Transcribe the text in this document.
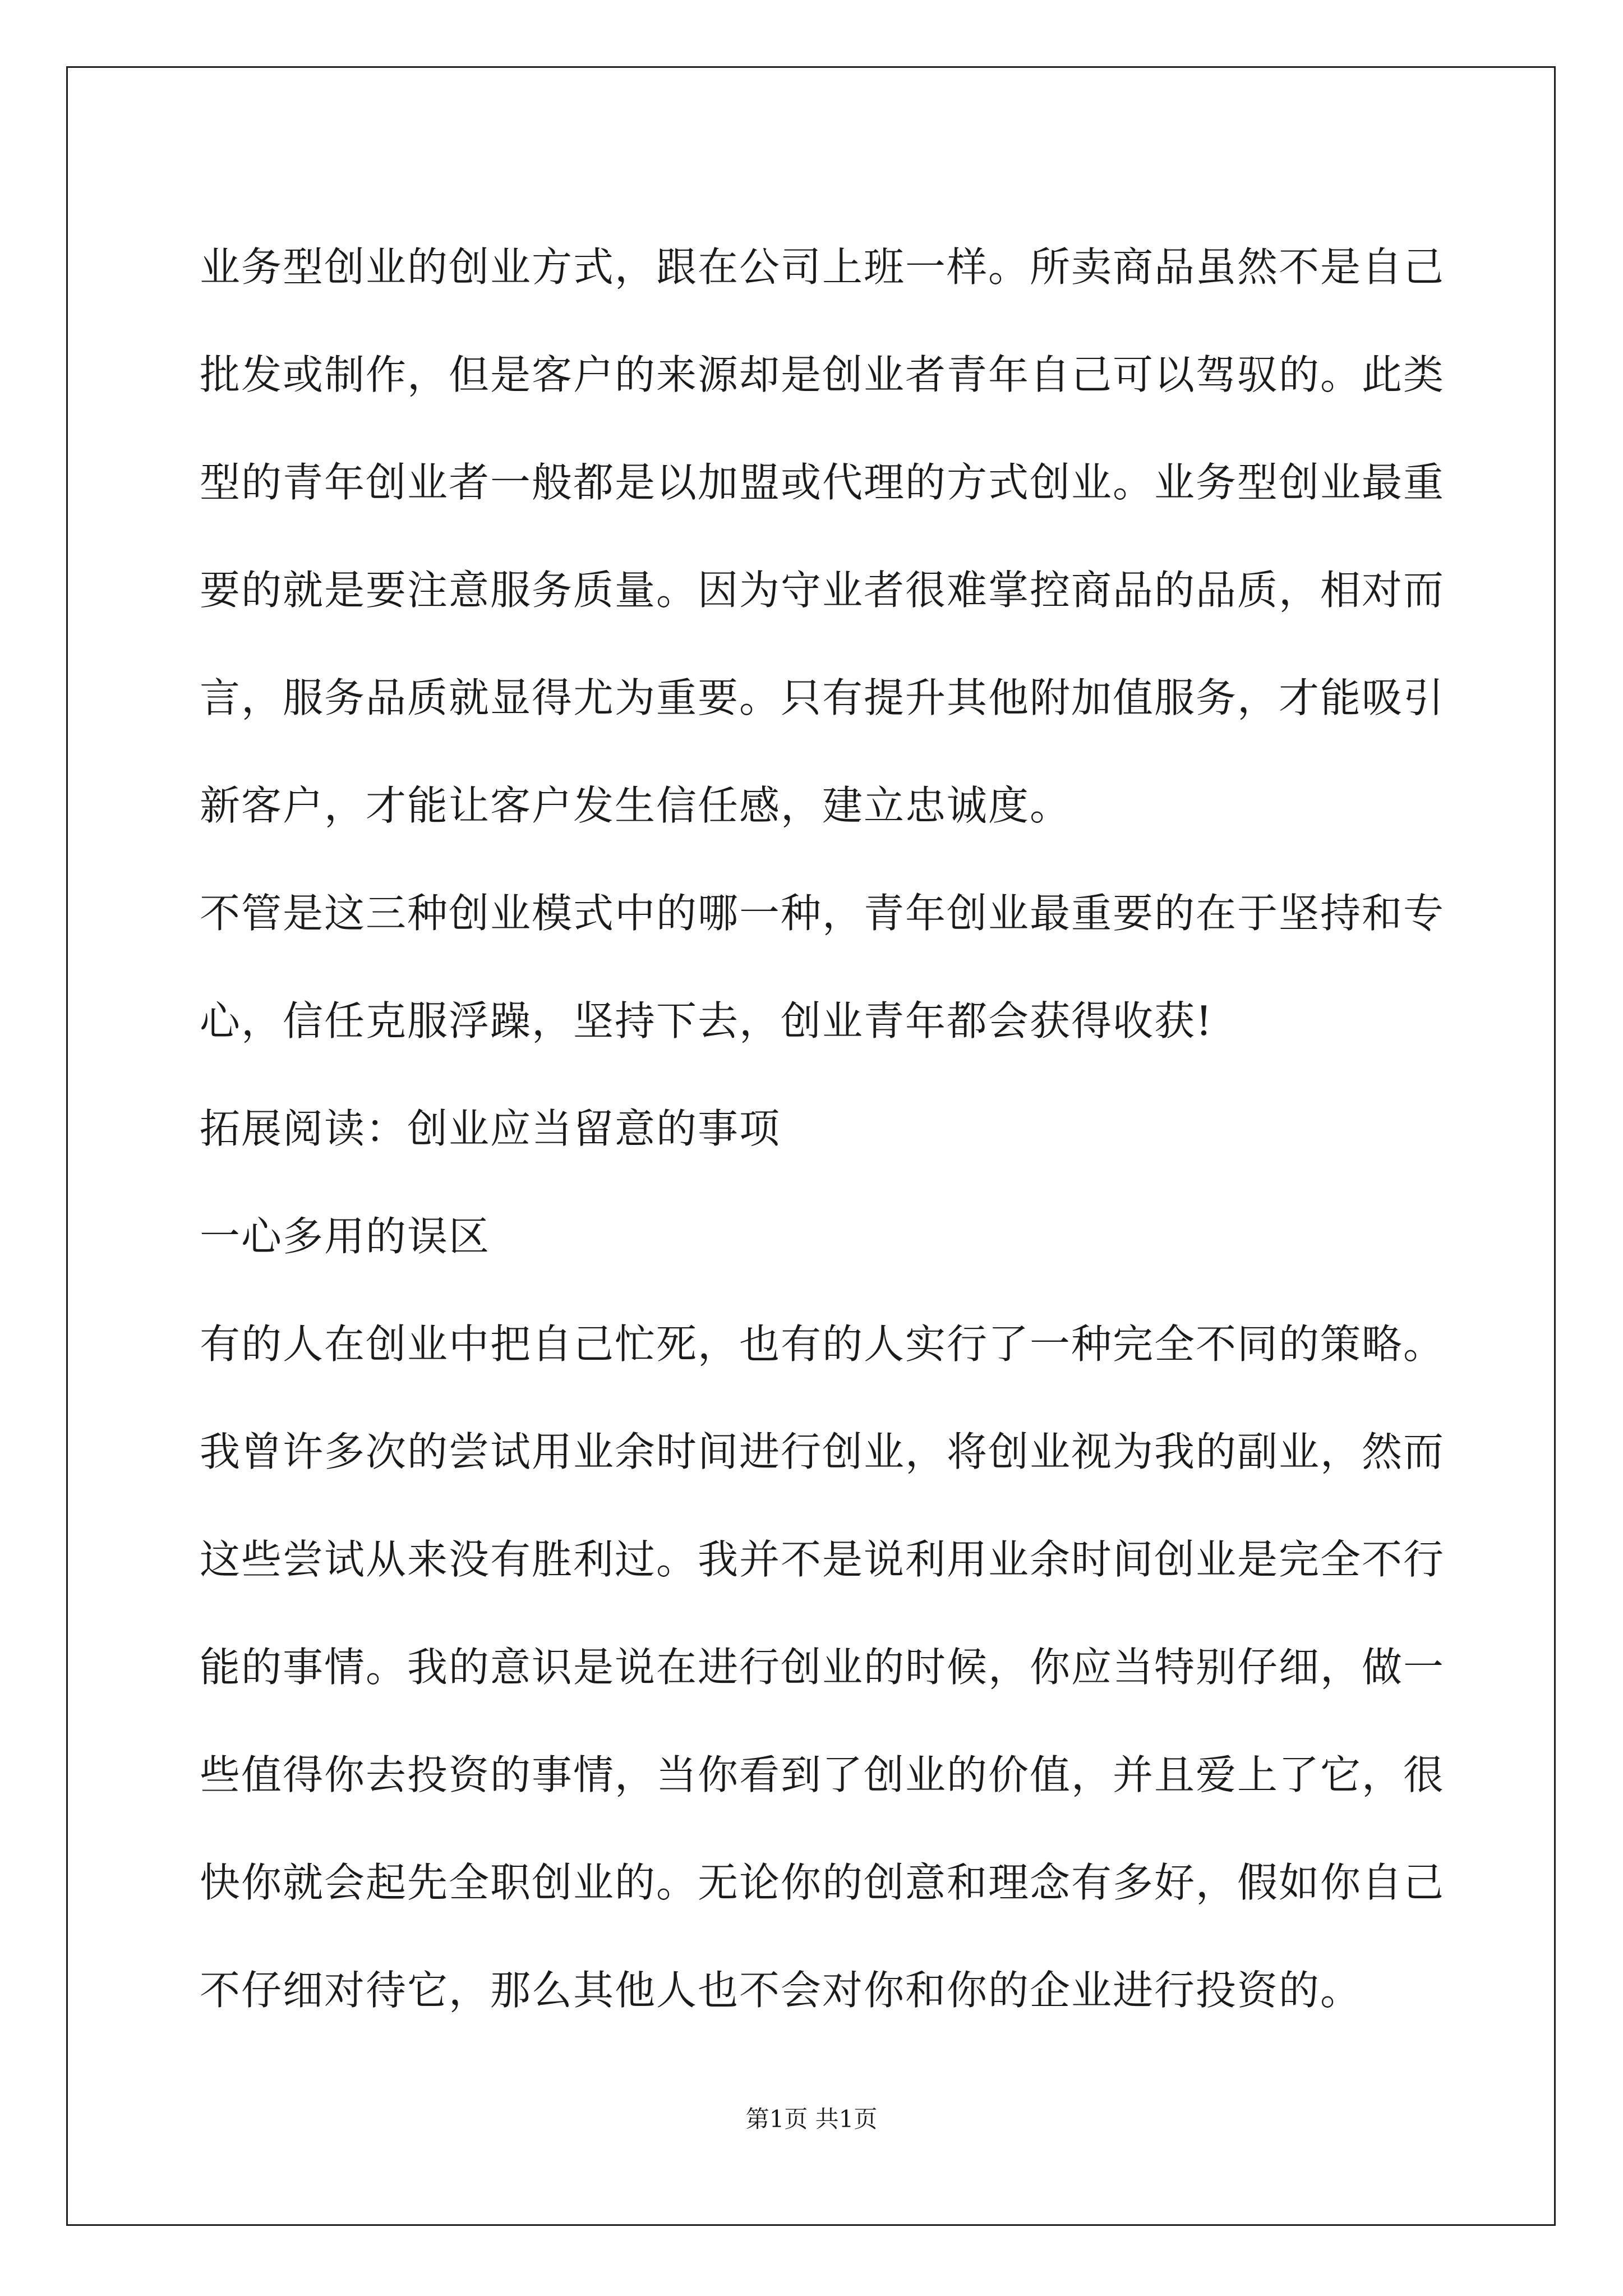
业务型创业的创业方式，跟在公司上班一样。所卖商品虽然不是自己
批发或制作，但是客户的来源却是创业者青年自己可以驾驭的。此类
型的青年创业者一般都是以加盟或代理的方式创业。业务型创业最重
要的就是要注意服务质量。因为守业者很难掌控商品的品质，相对而
言，服务品质就显得尤为重要。只有提升其他附加值服务，才能吸引
新客户，才能让客户发生信任感，建立忠诚度。
不管是这三种创业模式中的哪一种，青年创业最重要的在于坚持和专
心，信任克服浮躁，坚持下去，创业青年都会获得收获!
拓展阅读：创业应当留意的事项
一心多用的误区
有的人在创业中把自己忙死，也有的人实行了一种完全不同的策略。
我曾许多次的尝试用业余时间进行创业，将创业视为我的副业，然而
这些尝试从来没有胜利过。我并不是说利用业余时间创业是完全不行
能的事情。我的意识是说在进行创业的时候，你应当特别仔细，做一
些值得你去投资的事情，当你看到了创业的价值，并且爱上了它，很
快你就会起先全职创业的。无论你的创意和理念有多好，假如你自己
不仔细对待它，那么其他人也不会对你和你的企业进行投资的。
第1页 共1页
